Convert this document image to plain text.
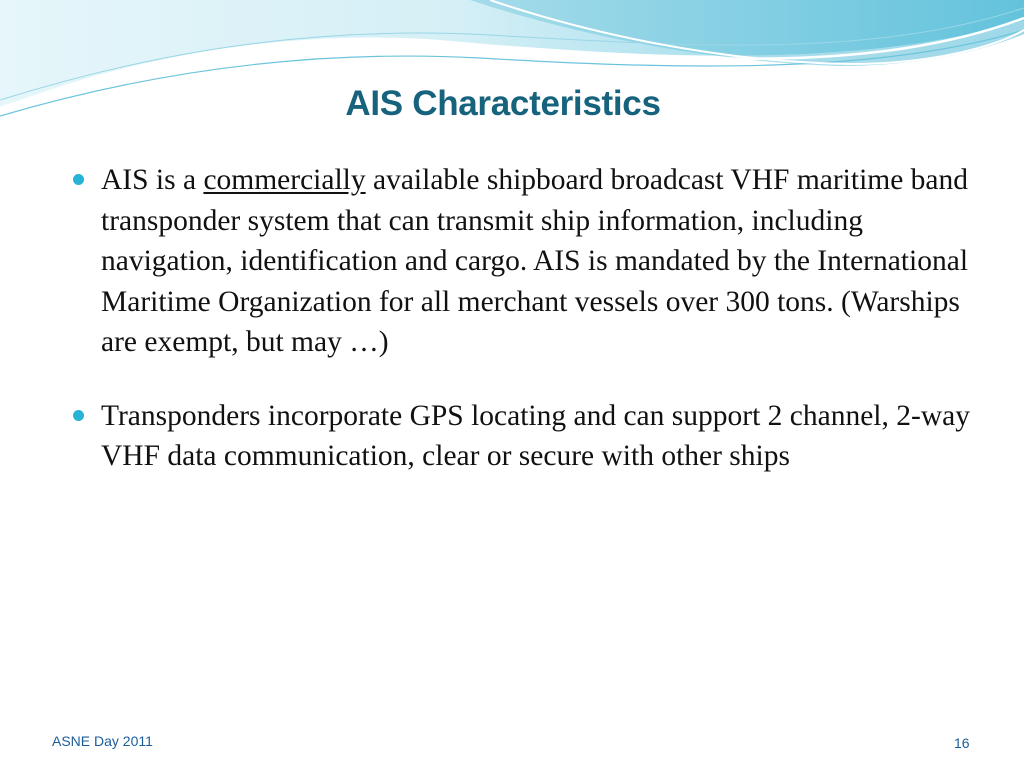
AIS Characteristics

AIS is a commercially available shipboard broadcast VHF maritime band transponder system that can transmit ship information, including navigation, identification and cargo. AIS is mandated by the International Maritime Organization for all merchant vessels over 300 tons. (Warships are exempt, but may …)

Transponders incorporate GPS locating and can support 2 channel, 2-way VHF data communication, clear or secure with other ships

ASNE Day 2011	16
